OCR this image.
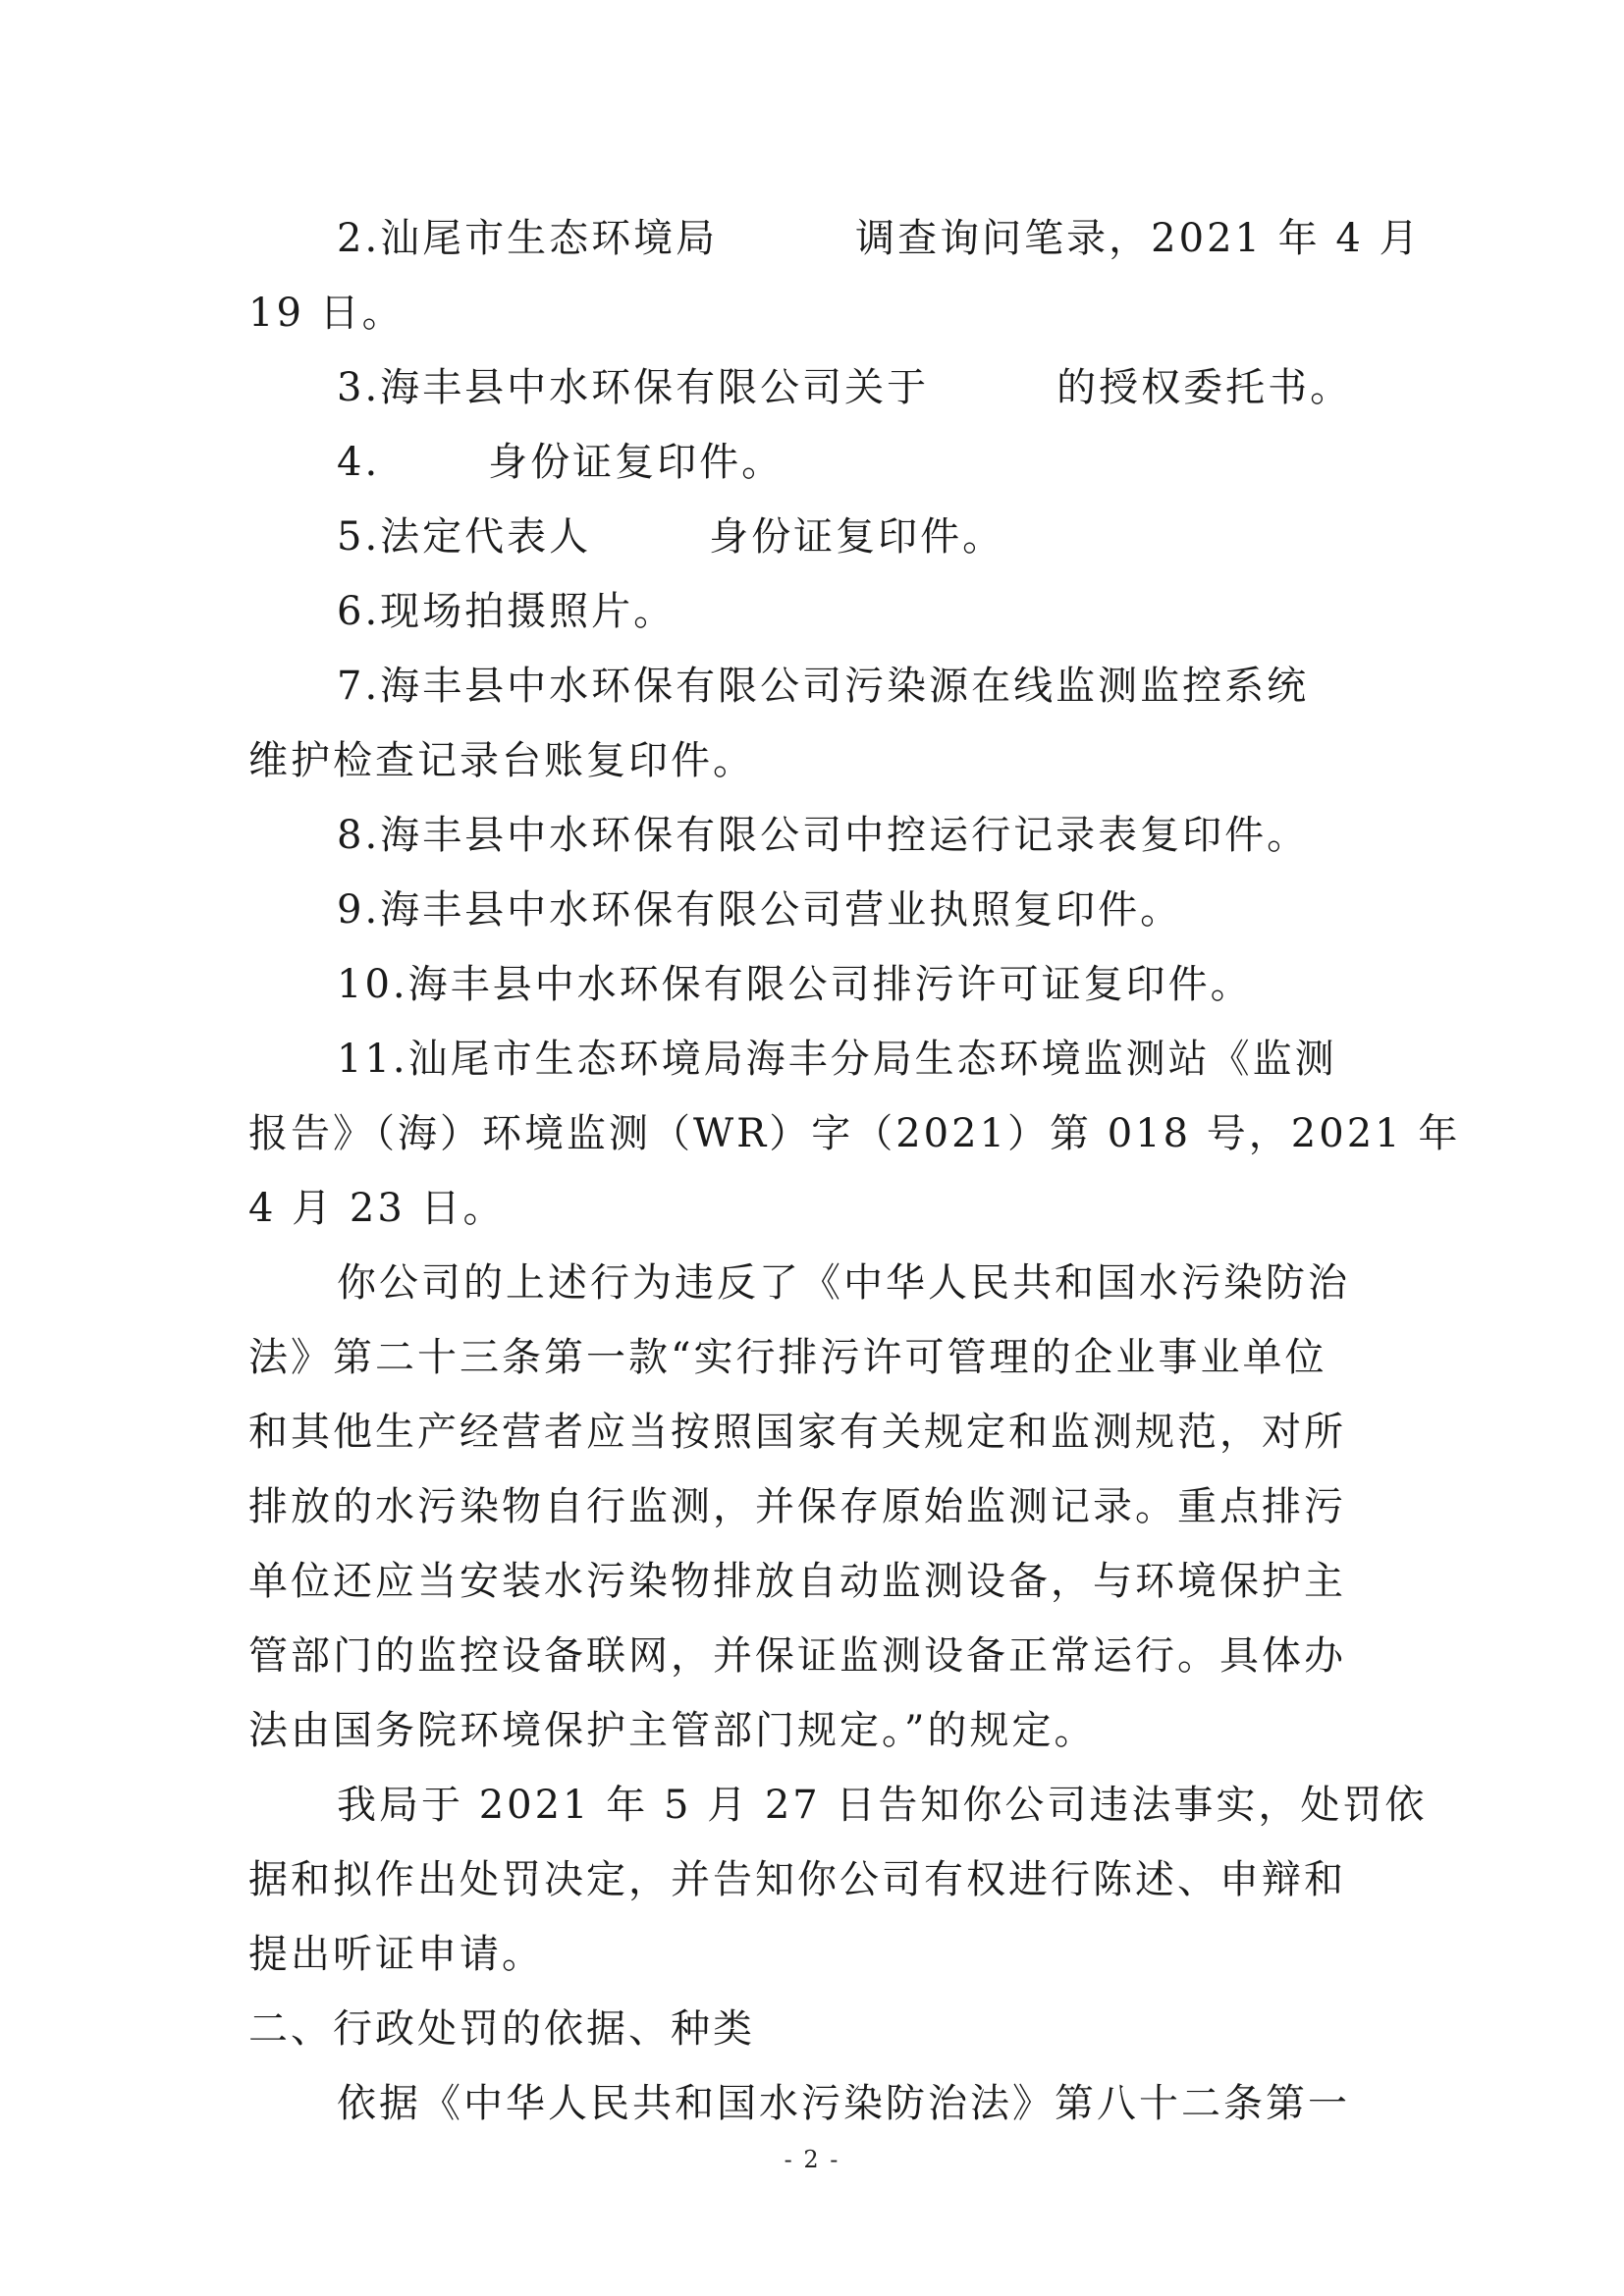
2.汕尾市生态环境局	调查询问笔录，2021 年 4 月
19 日。

3.海丰县中水环保有限公司关于	的授权委托书。

4.	身份证复印件。

5.法定代表人	身份证复印件。

6.现场拍摄照片。

7.海丰县中水环保有限公司污染源在线监测监控系统
维护检查记录台账复印件。

8.海丰县中水环保有限公司中控运行记录表复印件。

9.海丰县中水环保有限公司营业执照复印件。

10.海丰县中水环保有限公司排污许可证复印件。

11.汕尾市生态环境局海丰分局生态环境监测站《监测
报告》（海）环境监测（WR）字（2021）第 018 号，2021 年
4 月 23 日。

你公司的上述行为违反了《中华人民共和国水污染防治
法》第二十三条第一款“实行排污许可管理的企业事业单位
和其他生产经营者应当按照国家有关规定和监测规范，对所
排放的水污染物自行监测，并保存原始监测记录。重点排污
单位还应当安装水污染物排放自动监测设备，与环境保护主
管部门的监控设备联网，并保证监测设备正常运行。具体办
法由国务院环境保护主管部门规定。”的规定。

我局于 2021 年 5 月 27 日告知你公司违法事实，处罚依
据和拟作出处罚决定，并告知你公司有权进行陈述、申辩和
提出听证申请。

二、行政处罚的依据、种类

依据《中华人民共和国水污染防治法》第八十二条第一

- 2 -
